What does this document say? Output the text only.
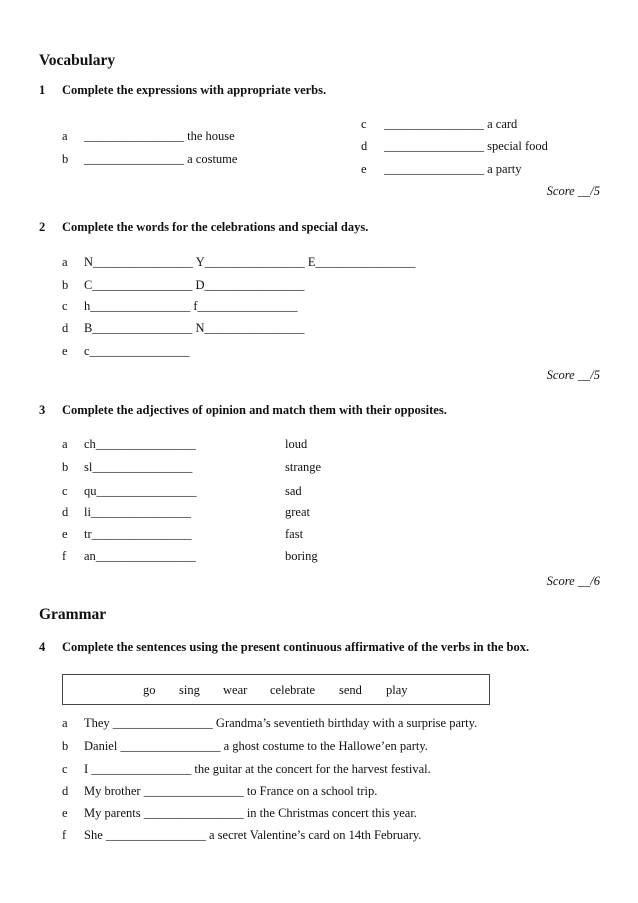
Vocabulary
1 Complete the expressions with appropriate verbs.
a ________________ the house
b ________________ a costume
c ________________ a card
d ________________ special food
e ________________ a party
Score __/5
2 Complete the words for the celebrations and special days.
a N________________ Y________________ E________________
b C________________ D________________
c h________________ f________________
d B________________ N________________
e c________________
Score __/5
3 Complete the adjectives of opinion and match them with their opposites.
a ch________________	loud
b sl________________	strange
c qu________________	sad
d li________________	great
e tr________________	fast
f an________________	boring
Score __/6
Grammar
4 Complete the sentences using the present continuous affirmative of the verbs in the box.
go sing wear celebrate send play
a They ________________ Grandma’s seventieth birthday with a surprise party.
b Daniel ________________ a ghost costume to the Hallowe’en party.
c I ________________ the guitar at the concert for the harvest festival.
d My brother ________________ to France on a school trip.
e My parents ________________ in the Christmas concert this year.
f She ________________ a secret Valentine’s card on 14th February.
